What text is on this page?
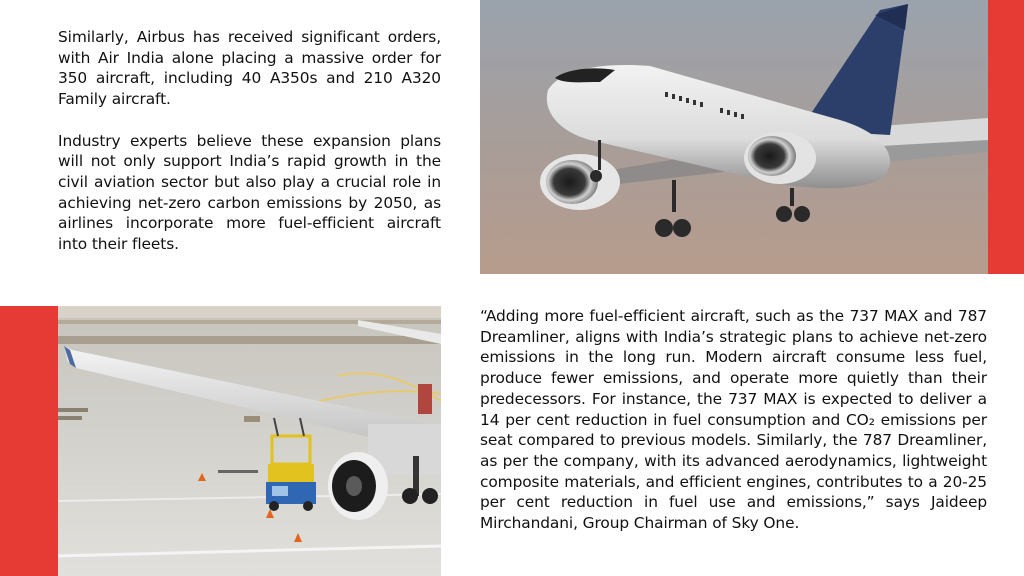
Similarly, Airbus has received significant orders, with Air India alone placing a massive order for 350 aircraft, including 40 A350s and 210 A320 Family aircraft.

Industry experts believe these expansion plans will not only support India’s rapid growth in the civil aviation sector but also play a crucial role in achieving net-zero carbon emissions by 2050, as airlines incorporate more fuel-efficient aircraft into their fleets.

“Adding more fuel-efficient aircraft, such as the 737 MAX and 787 Dreamliner, aligns with India’s strategic plans to achieve net-zero emissions in the long run. Modern aircraft consume less fuel, produce fewer emissions, and operate more quietly than their predecessors. For instance, the 737 MAX is expected to deliver a 14 per cent reduction in fuel consumption and CO₂ emissions per seat compared to previous models. Similarly, the 787 Dreamliner, as per the company, with its advanced aerodynamics, lightweight composite materials, and efficient engines, contributes to a 20-25 per cent reduction in fuel use and emissions,” says Jaideep Mirchandani, Group Chairman of Sky One.
